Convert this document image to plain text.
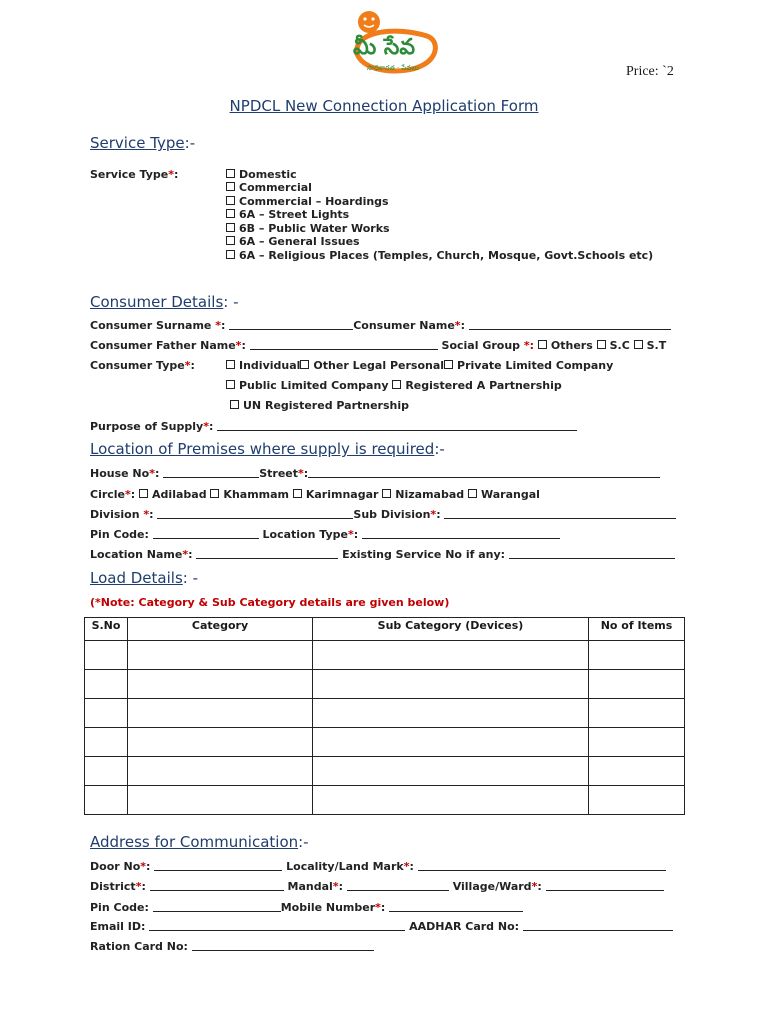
మీ సేవ
సాధికారత · సేవలు	Price: `2
NPDCL New Connection Application Form
Service Type:-
Service Type*:	Domestic
Commercial
Commercial – Hoardings
6A – Street Lights
6B – Public Water Works
6A – General Issues
6A – Religious Places (Temples, Church, Mosque, Govt.Schools etc)
Consumer Details: -
Consumer Surname *:	Consumer Name*:
Consumer Father Name*:	Social Group *: Others S.C S.T
Consumer Type*:	Individual Other Legal Personal Private Limited Company
Public Limited Company Registered A Partnership
UN Registered Partnership
Purpose of Supply*:
Location of Premises where supply is required:-
House No*:	Street*:
Circle*: Adilabad Khammam Karimnagar Nizamabad Warangal
Division *:	Sub Division*:
Pin Code:	Location Type*:
Location Name*:	Existing Service No if any:
Load Details: -
(*Note: Category & Sub Category details are given below)
S.No	Category	Sub Category (Devices)	No of Items

Address for Communication:-
Door No*:	Locality/Land Mark*:
District*:	Mandal*:	Village/Ward*:
Pin Code:	Mobile Number*:
Email ID:	AADHAR Card No:
Ration Card No:
